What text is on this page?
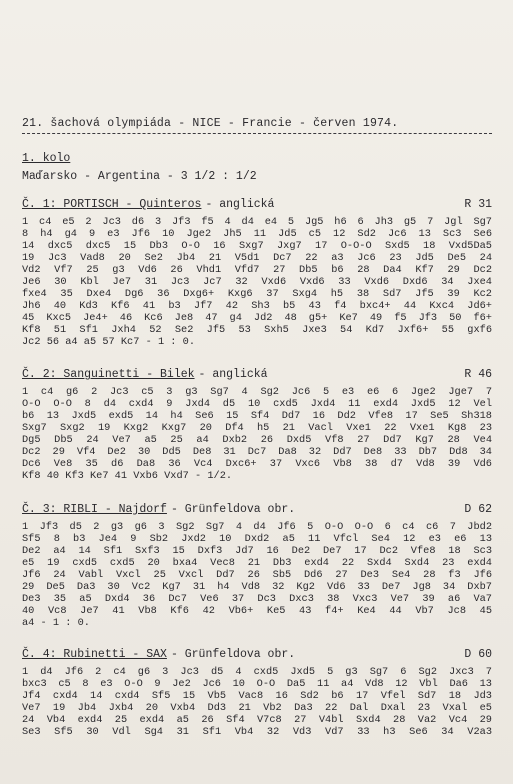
21. šachová olympiáda - NICE - Francie - červen 1974.
1. kolo
Maďarsko - Argentina - 3 1/2 : 1/2
Č. 1: PORTISCH - Quinteros - anglická	R 31
1 c4 e5 2 Jc3 d6 3 Jf3 f5 4 d4 e4 5 Jg5 h6 6 Jh3 g5 7 Jgl Sg7
8 h4 g4 9 e3 Jf6 10 Jge2 Jh5 11 Jd5 c5 12 Sd2 Jc6 13 Sc3 Se6
14 dxc5 dxc5 15 Db3 O-O 16 Sxg7 Jxg7 17 O-O-O Sxd5 18 Vxd5Da5
19 Jc3 Vad8 20 Se2 Jb4 21 V5d1 Dc7 22 a3 Jc6 23 Jd5 De5 24
Vd2 Vf7 25 g3 Vd6 26 Vhd1 Vfd7 27 Db5 b6 28 Da4 Kf7 29 Dc2
Je6 30 Kbl Je7 31 Jc3 Jc7 32 Vxd6 Vxd6 33 Vxd6 Dxd6 34 Jxe4
fxe4 35 Dxe4 Dg6 36 Dxg6+ Kxg6 37 Sxg4 h5 38 Sd7 Jf5 39 Kc2
Jh6 40 Kd3 Kf6 41 b3 Jf7 42 Sh3 b5 43 f4 bxc4+ 44 Kxc4 Jd6+
45 Kxc5 Je4+ 46 Kc6 Je8 47 g4 Jd2 48 g5+ Ke7 49 f5 Jf3 50 f6+
Kf8 51 Sf1 Jxh4 52 Se2 Jf5 53 Sxh5 Jxe3 54 Kd7 Jxf6+ 55 gxf6
Jc2 56 a4 a5 57 Kc7 - 1 : 0.
Č. 2: Sanguinetti - Bilek - anglická	R 46
1 c4 g6 2 Jc3 c5 3 g3 Sg7 4 Sg2 Jc6 5 e3 e6 6 Jge2 Jge7 7
O-O O-O 8 d4 cxd4 9 Jxd4 d5 10 cxd5 Jxd4 11 exd4 Jxd5 12 Vel
b6 13 Jxd5 exd5 14 h4 Se6 15 Sf4 Dd7 16 Dd2 Vfe8 17 Se5 Sh318
Sxg7 Sxg2 19 Kxg2 Kxg7 20 Df4 h5 21 Vacl Vxe1 22 Vxe1 Kg8 23
Dg5 Db5 24 Ve7 a5 25 a4 Dxb2 26 Dxd5 Vf8 27 Dd7 Kg7 28 Ve4
Dc2 29 Vf4 De2 30 Dd5 De8 31 Dc7 Da8 32 Dd7 De8 33 Db7 Dd8 34
Dc6 Ve8 35 d6 Da8 36 Vc4 Dxc6+ 37 Vxc6 Vb8 38 d7 Vd8 39 Vd6
Kf8 40 Kf3 Ke7 41 Vxb6 Vxd7 - 1/2.
Č. 3: RIBLI - Najdorf - Grünfeldova obr.	D 62
1 Jf3 d5 2 g3 g6 3 Sg2 Sg7 4 d4 Jf6 5 O-O O-O 6 c4 c6 7 Jbd2
Sf5 8 b3 Je4 9 Sb2 Jxd2 10 Dxd2 a5 11 Vfcl Se4 12 e3 e6 13
De2 a4 14 Sf1 Sxf3 15 Dxf3 Jd7 16 De2 De7 17 Dc2 Vfe8 18 Sc3
e5 19 cxd5 cxd5 20 bxa4 Vec8 21 Db3 exd4 22 Sxd4 Sxd4 23 exd4
Jf6 24 Vabl Vxcl 25 Vxcl Dd7 26 Sb5 Dd6 27 De3 Se4 28 f3 Jf6
29 De5 Da3 30 Vc2 Kg7 31 h4 Vd8 32 Kg2 Vd6 33 De7 Jg8 34 Dxb7
De3 35 a5 Dxd4 36 Dc7 Ve6 37 Dc3 Dxc3 38 Vxc3 Ve7 39 a6 Va7
40 Vc8 Je7 41 Vb8 Kf6 42 Vb6+ Ke5 43 f4+ Ke4 44 Vb7 Jc8 45
a4 - 1 : 0.
Č. 4: Rubinetti - SAX - Grünfeldova obr.	D 60
1 d4 Jf6 2 c4 g6 3 Jc3 d5 4 cxd5 Jxd5 5 g3 Sg7 6 Sg2 Jxc3 7
bxc3 c5 8 e3 O-O 9 Je2 Jc6 10 O-O Da5 11 a4 Vd8 12 Vbl Da6 13
Jf4 cxd4 14 cxd4 Sf5 15 Vb5 Vac8 16 Sd2 b6 17 Vfel Sd7 18 Jd3
Ve7 19 Jb4 Jxb4 20 Vxb4 Dd3 21 Vb2 Da3 22 Dal Dxal 23 Vxal e5
24 Vb4 exd4 25 exd4 a5 26 Sf4 V7c8 27 V4bl Sxd4 28 Va2 Vc4 29
Se3 Sf5 30 Vdl Sg4 31 Sf1 Vb4 32 Vd3 Vd7 33 h3 Se6 34 V2a3
